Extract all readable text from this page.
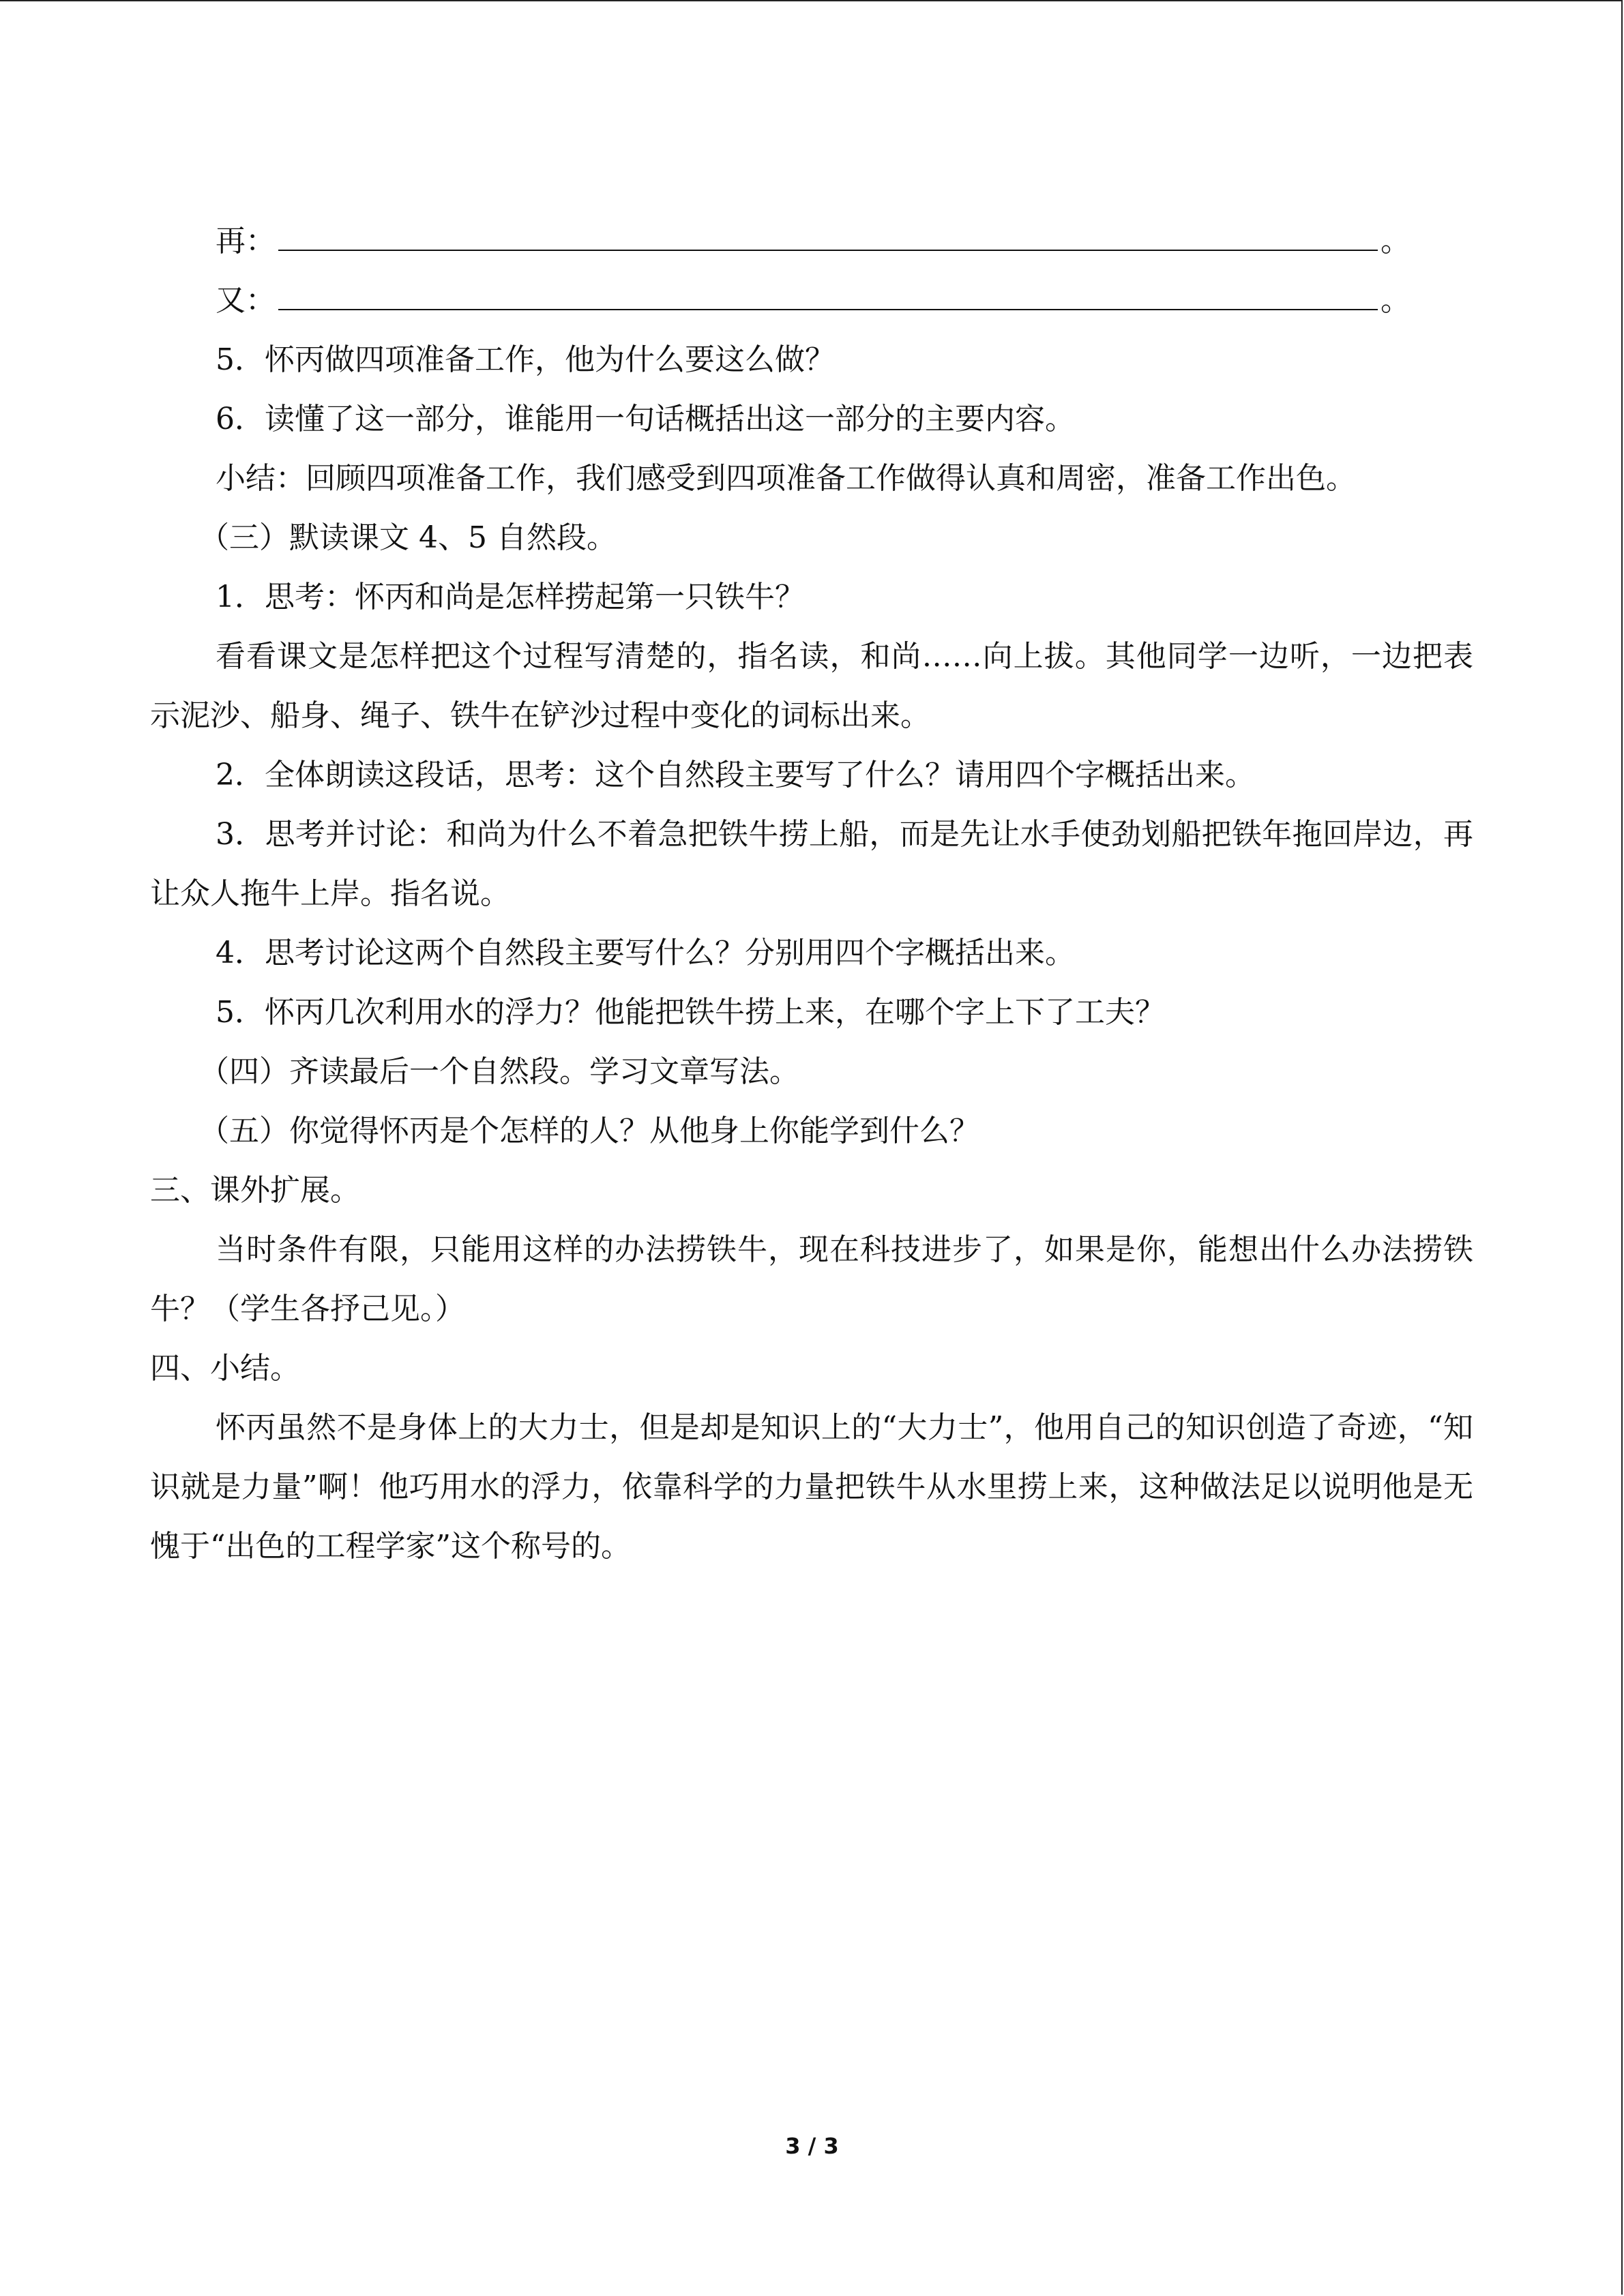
再：	。
又：	。

5．怀丙做四项准备工作，他为什么要这么做？

6．读懂了这一部分，谁能用一句话概括出这一部分的主要内容。

小结：回顾四项准备工作，我们感受到四项准备工作做得认真和周密，准备工作出色。

（三）默读课文 4、5 自然段。

1．思考：怀丙和尚是怎样捞起第一只铁牛？

看看课文是怎样把这个过程写清楚的，指名读，和尚……向上拔。其他同学一边听，一边把表示泥沙、船身、绳子、铁牛在铲沙过程中变化的词标出来。

2．全体朗读这段话，思考：这个自然段主要写了什么？请用四个字概括出来。

3．思考并讨论：和尚为什么不着急把铁牛捞上船，而是先让水手使劲划船把铁年拖回岸边，再让众人拖牛上岸。指名说。

4．思考讨论这两个自然段主要写什么？分别用四个字概括出来。

5．怀丙几次利用水的浮力？他能把铁牛捞上来，在哪个字上下了工夫？

（四）齐读最后一个自然段。学习文章写法。

（五）你觉得怀丙是个怎样的人？从他身上你能学到什么？

三、课外扩展。

当时条件有限，只能用这样的办法捞铁牛，现在科技进步了，如果是你，能想出什么办法捞铁牛？（学生各抒己见。）

四、小结。

怀丙虽然不是身体上的大力士，但是却是知识上的“大力士”，他用自己的知识创造了奇迹，“知识就是力量”啊！他巧用水的浮力，依靠科学的力量把铁牛从水里捞上来，这种做法足以说明他是无愧于“出色的工程学家”这个称号的。

3 / 3
